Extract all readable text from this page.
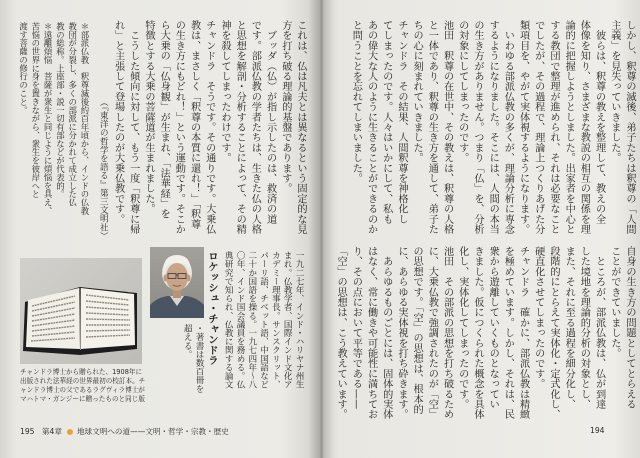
しかし、釈尊の滅後、弟子たちは釈尊の「人間
主義」を見失っていきました。
　彼らは、釈尊の教えを整理して、教えの全
体像を知り、さまざまな教説の相互の関係を理
論的に把握しようとしました。出家者を中心と
する教団で整理が進められ、それは必要なこと
でしたが、その過程で、理論上つくりあげた分
類項目を、やがて実体視するようになります。
　いわゆる部派仏教の多くが、理論分析に専念
するようになりました。そこには、人間の本当
の生き方がありません。つまり「仏」を、分析
の対象にしてしまったのです。
池田　釈尊の在世中、その教えは、釈尊の人格
と一体であり、釈尊の生き方を通して、弟子た
ちの心に刻まれていきました。
チャンドラ　その結果、人間釈尊を神格化し
てしまったのです。人々はいかにして、私も
あの偉大な人のように生きることができるのか
と問うことを忘れてしまいました。
自身の生き方の問題としてとらえる
ことができていました。
　ところが、部派仏教は、仏が到達
した境地を理論的分析の対象とし、
また、それに至る過程を細分化し、
段階的にとらえて実体化・定式化し、
硬直化させてしまったのです。
チャンドラ　確かに、部派仏教は精緻
を極めています。しかし、それは、民
衆から遊離していくものとなってい
きました。仮につくられた概念を具体
化し、実体化してしまったのです。
池田　その部派の思想を打ち破るため
に、大乗仏教で強調されたのが「空」
の思想です。「空」の思想は、根本的
に、あらゆる実体視を打ち砕きます。
　あらゆるものごとには、固体的実体
はなく、常に働きや可能性に満ちてお
り、その点において平等である——
「空」の思想は、こう教えています。
これは、仏は凡夫とは異なるという固定的な見
方を打ち破る理論的基盤であります。
　ブッダ（仏）が指し示したのは、救済の道
です。部派仏教の学者たちは、生きた仏の人格
と思想を解剖・分析することによって、その精
神を殺してしまったわけです。
チャンドラ　そうです。その通りです。大乗仏
教は、まさしく「釈尊の本質に還れ！」「釈尊
の生き方にもどれ！」という運動です。そこか
ら大乗の「仏身観」が生まれ、「法華経」を
特徴とする大乗の菩薩道が生まれました。
　こうした傾向に対して、もう一度「釈尊に帰
れ」と主張して登場したのが大乗仏教です。
（『東洋の哲学を語る』第三文明社）
＊部派仏教　釈尊滅後約百年頃から、インドの仏教
教団が分裂し、多くの部派に分かれて成立した仏
教の総称。上座部・説一切有部などが代表的。
＊遠離煩悩　菩薩が衆生と同じように煩悩を具え、
苦悩の世界に身を置きながら、衆生を彼岸へと
渡す菩薩の修行のこと。
ロケッシュ・チャンドラ	一九二七年、インド・ハリヤナ州生
まれ。仏教学者、国際インド文化ア
カデミー理事長。サンスクリット、
パーリ語、チベット語、中国語など
二十か国語を操る。一九七四年〜八
〇年、インド国会議員を務める。仏
典研究で知られ、仏教に関する論文
・著書は数百冊を
超える。
チャンドラ博士から贈られた、1908年に出版された法華経の世界最初の校訂本。チャンドラ博士の父であるラグヴィラ博士がマハトマ・ガンジーに贈ったものと同じ版
195 第4章 地球文明への道——文明・哲学・宗教・歴史	194
